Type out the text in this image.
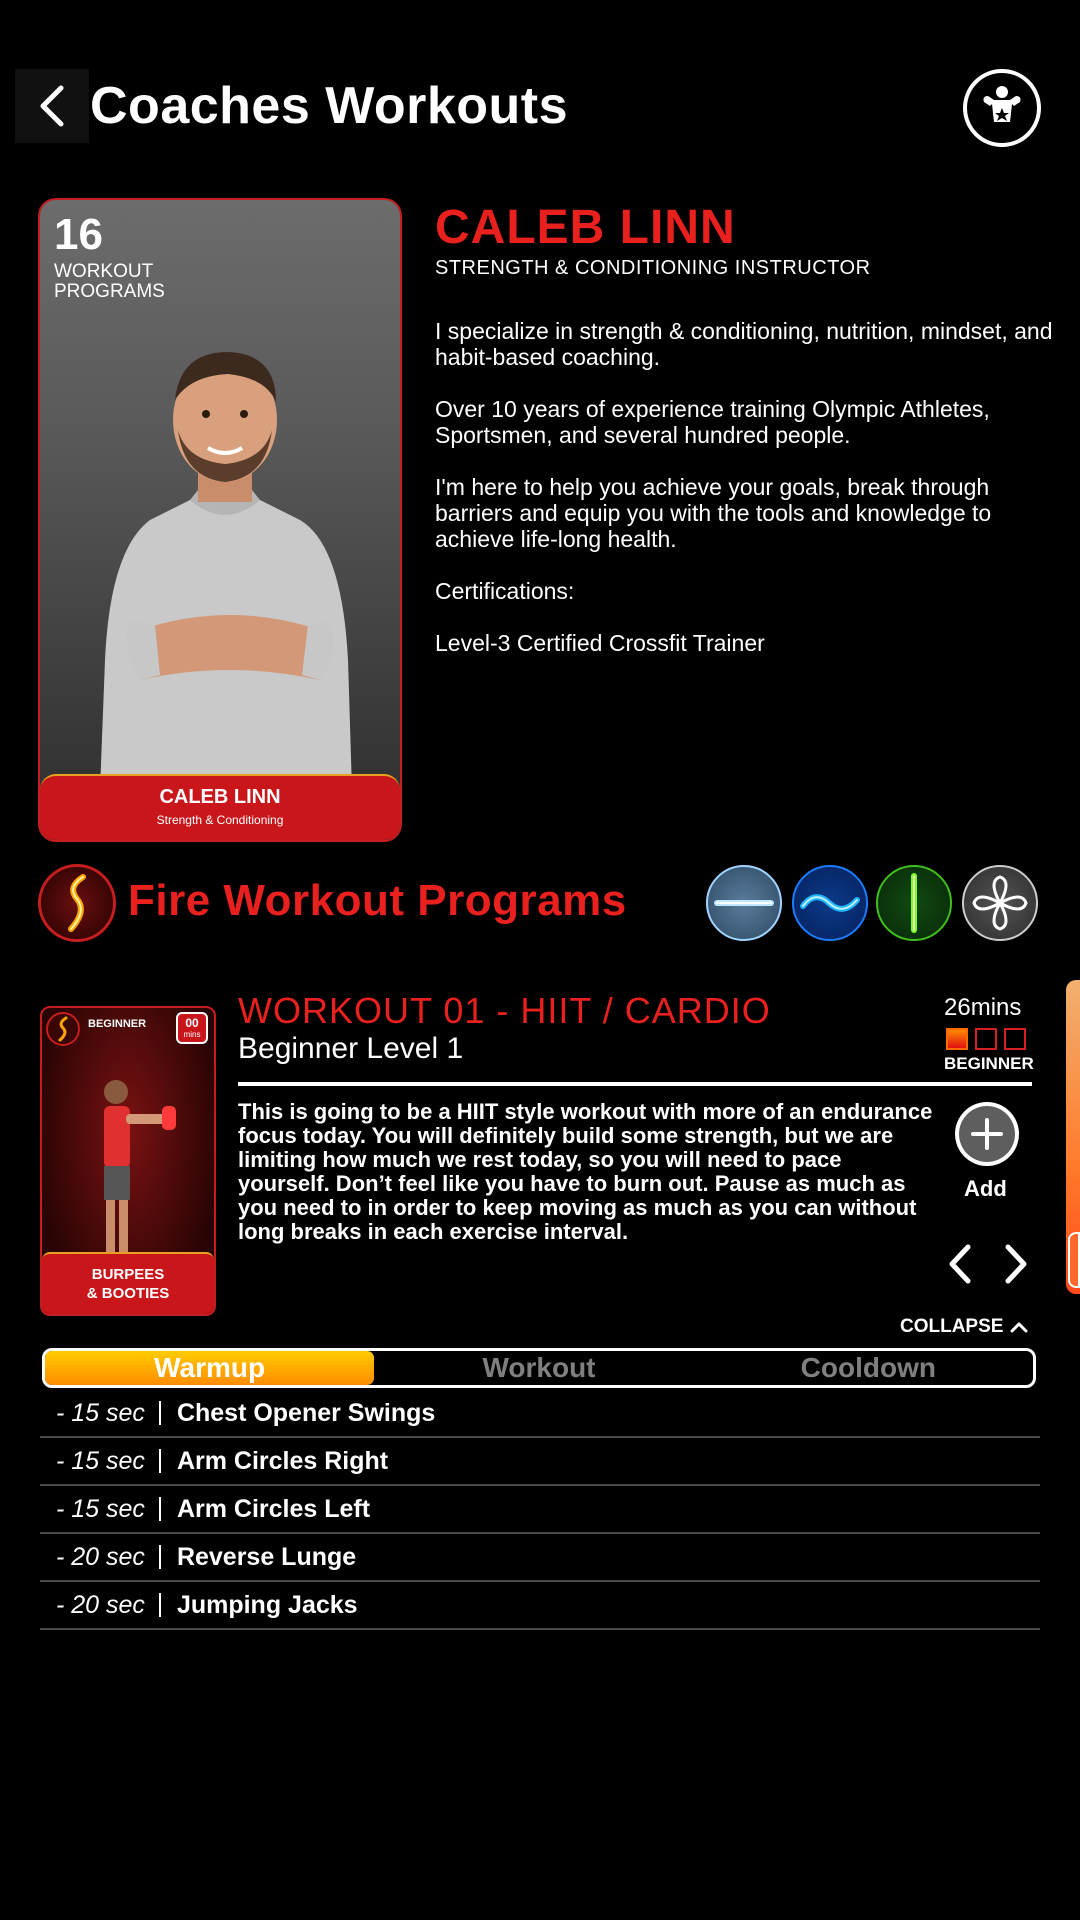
Coaches Workouts
16
WORKOUT PROGRAMS
CALEB LINN
Strength & Conditioning
CALEB LINN
STRENGTH & CONDITIONING INSTRUCTOR

I specialize in strength & conditioning, nutrition, mindset, and habit-based coaching.

Over 10 years of experience training Olympic Athletes, Sportsmen, and several hundred people.

I'm here to help you achieve your goals, break through barriers and equip you with the tools and knowledge to achieve life-long health.

Certifications:

Level-3 Certified Crossfit Trainer

Fire Workout Programs
BEGINNER	00
mins
BURPEES
& BOOTIES
WORKOUT 01 - HIIT / CARDIO
Beginner Level 1
26mins
BEGINNER
This is going to be a HIIT style workout with more of an endurance focus today. You will definitely build some strength, but we are limiting how much we rest today, so you will need to pace yourself. Don’t feel like you have to burn out. Pause as much as you need to in order to keep moving as much as you can without long breaks in each exercise interval.
Add
COLLAPSE
Warmup	Workout	Cooldown
- 15 sec Chest Opener Swings
- 15 sec Arm Circles Right
- 15 sec Arm Circles Left
- 20 sec Reverse Lunge
- 20 sec Jumping Jacks
